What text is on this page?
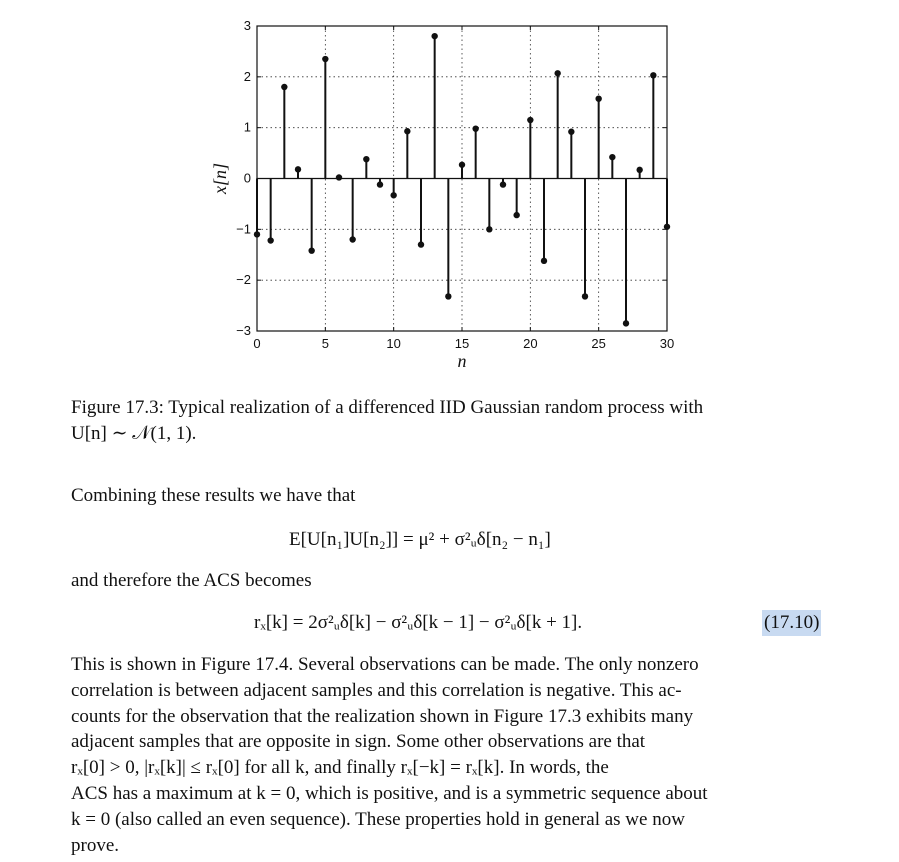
0	5	10	15	20	25	30
−3
−2
−1
0
1
2
3
n
x[n]
Figure 17.3: Typical realization of a differenced IID Gaussian random process with
U[n] ∼ 𝒩(1, 1).
Combining these results we have that
E[U[n₁]U[n₂]] = μ² + σ²ᵤδ[n₂ − n₁]
and therefore the ACS becomes
rₓ[k] = 2σ²ᵤδ[k] − σ²ᵤδ[k − 1] − σ²ᵤδ[k + 1].	(17.10)
This is shown in Figure 17.4. Several observations can be made. The only nonzero
correlation is between adjacent samples and this correlation is negative. This ac-
counts for the observation that the realization shown in Figure 17.3 exhibits many
adjacent samples that are opposite in sign. Some other observations are that
rₓ[0] > 0, |rₓ[k]| ≤ rₓ[0] for all k, and finally rₓ[−k] = rₓ[k]. In words, the
ACS has a maximum at k = 0, which is positive, and is a symmetric sequence about
k = 0 (also called an even sequence). These properties hold in general as we now
prove.
